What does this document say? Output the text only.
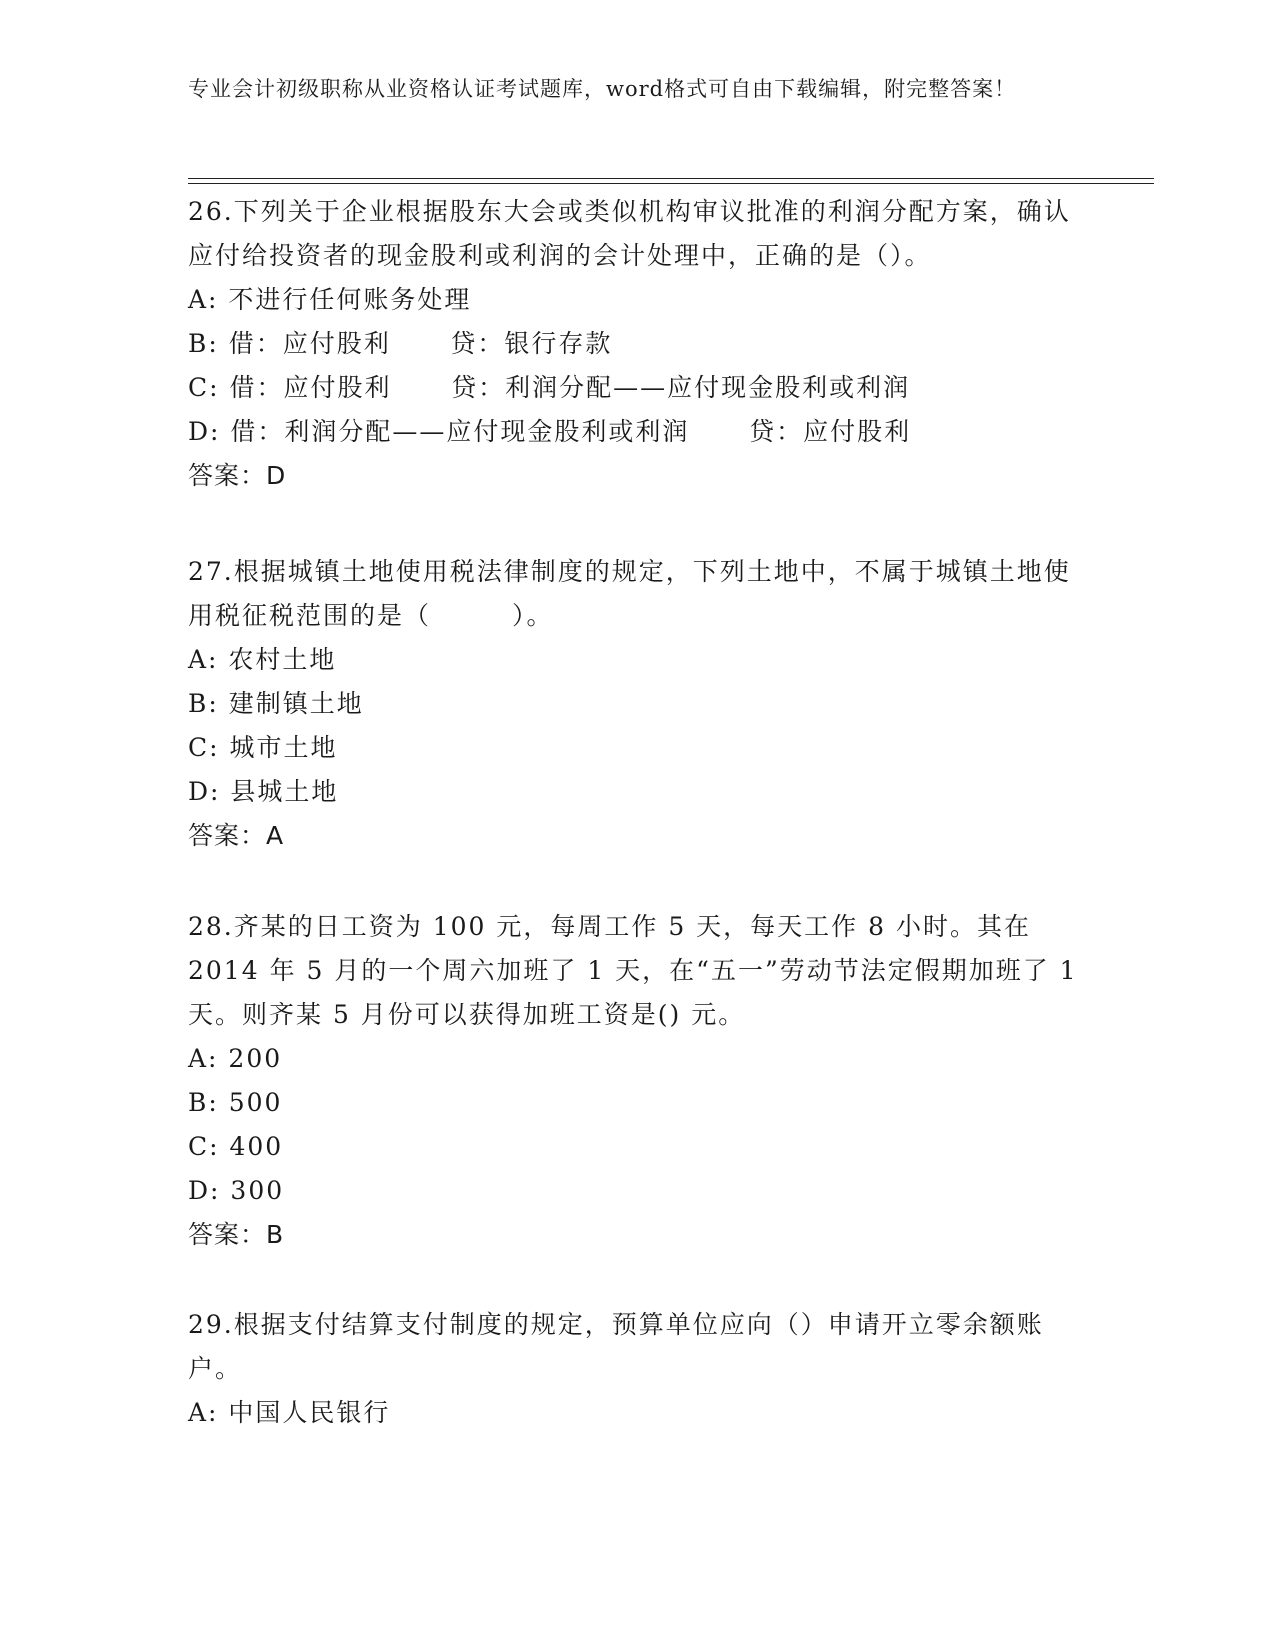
专业会计初级职称从业资格认证考试题库，word格式可自由下载编辑，附完整答案！

26.下列关于企业根据股东大会或类似机构审议批准的利润分配方案，确认应付给投资者的现金股利或利润的会计处理中，正确的是（）。

A: 不进行任何账务处理

B: 借：应付股利      贷：银行存款

C: 借：应付股利      贷：利润分配——应付现金股利或利润

D: 借：利润分配——应付现金股利或利润      贷：应付股利

答案：D

27.根据城镇土地使用税法律制度的规定，下列土地中，不属于城镇土地使用税征税范围的是（　　　）。

A: 农村土地

B: 建制镇土地

C: 城市土地

D: 县城土地

答案：A

28.齐某的日工资为 100 元，每周工作 5 天，每天工作 8 小时。其在 2014 年 5 月的一个周六加班了 1 天，在“五一”劳动节法定假期加班了 1 天。则齐某 5 月份可以获得加班工资是() 元。

A: 200

B: 500

C: 400

D: 300

答案：B

29.根据支付结算支付制度的规定，预算单位应向（）申请开立零余额账户。

A: 中国人民银行
